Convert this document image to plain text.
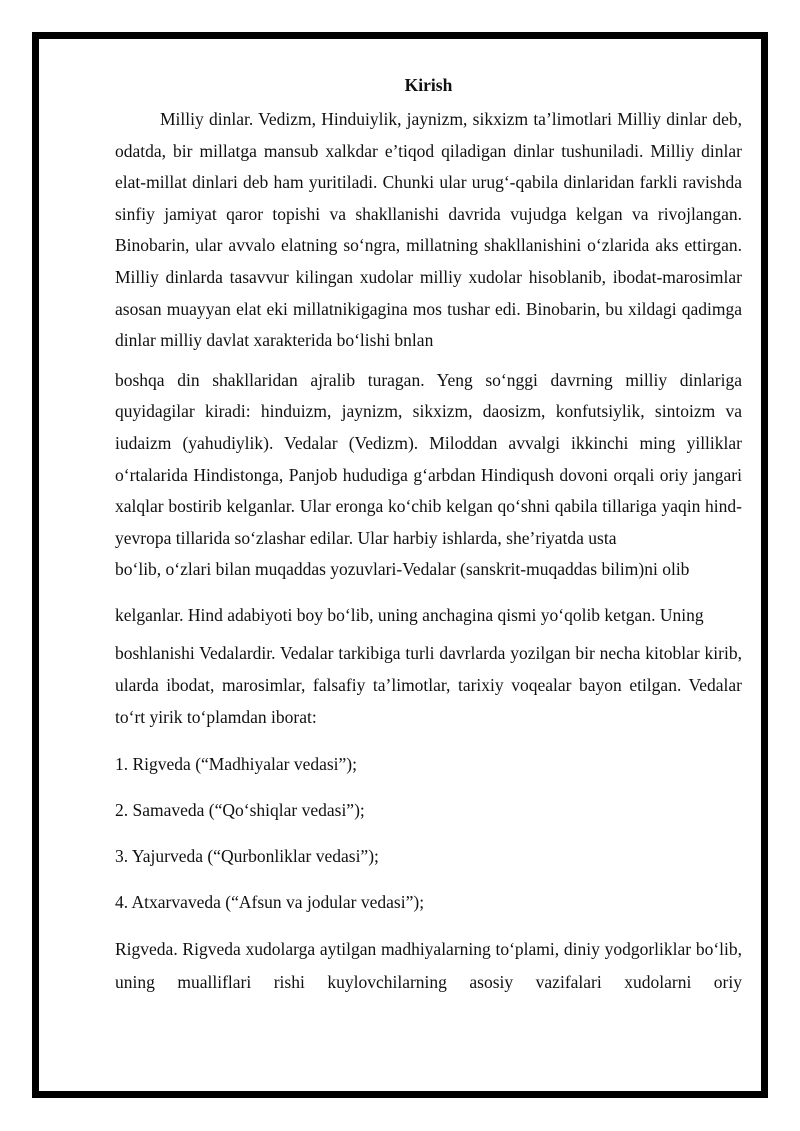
Kirish

Milliy dinlar. Vedizm, Hinduiylik, jaynizm, sikxizm ta’limotlari Milliy dinlar deb, odatda, bir millatga mansub xalkdar e’tiqod qiladigan dinlar tushuniladi. Milliy dinlar elat-millat dinlari deb ham yuritiladi. Chunki ular urug‘-qabila dinlaridan farkli ravishda sinfiy jamiyat qaror topishi va shakllanishi davrida vujudga kelgan va rivojlangan. Binobarin, ular avvalo elatning so‘ngra, millatning shakllanishini o‘zlarida aks ettirgan. Milliy dinlarda tasavvur kilingan xudolar milliy xudolar hisoblanib, ibodat-marosimlar asosan muayyan elat eki millatnikigagina mos tushar edi. Binobarin, bu xildagi qadimga dinlar milliy davlat xarakterida bo‘lishi bnlan

boshqa din shakllaridan ajralib turagan. Yeng so‘nggi davrning milliy dinlariga quyidagilar kiradi: hinduizm, jaynizm, sikxizm, daosizm, konfutsiylik, sintoizm va iudaizm (yahudiylik). Vedalar (Vedizm). Miloddan avvalgi ikkinchi ming yilliklar o‘rtalarida Hindistonga, Panjob hududiga g‘arbdan Hindiqush dovoni orqali oriy jangari xalqlar bostirib kelganlar. Ular eronga ko‘chib kelgan qo‘shni qabila tillariga yaqin hind-yevropa tillarida so‘zlashar edilar. Ular harbiy ishlarda, she’riyatda usta

bo‘lib, o‘zlari bilan muqaddas yozuvlari-Vedalar (sanskrit-muqaddas bilim)ni olib

kelganlar. Hind adabiyoti boy bo‘lib, uning anchagina qismi yo‘qolib ketgan. Uning

boshlanishi Vedalardir. Vedalar tarkibiga turli davrlarda yozilgan bir necha kitoblar kirib, ularda ibodat, marosimlar, falsafiy ta’limotlar, tarixiy voqealar bayon etilgan. Vedalar to‘rt yirik to‘plamdan iborat:

1. Rigveda (“Madhiyalar vedasi”);

2. Samaveda (“Qo‘shiqlar vedasi”);

3. Yajurveda (“Qurbonliklar vedasi”);

4. Atxarvaveda (“Afsun va jodular vedasi”);

Rigveda. Rigveda xudolarga aytilgan madhiyalarning to‘plami, diniy yodgorliklar bo‘lib, uning mualliflari rishi kuylovchilarning asosiy vazifalari xudolarni oriy
